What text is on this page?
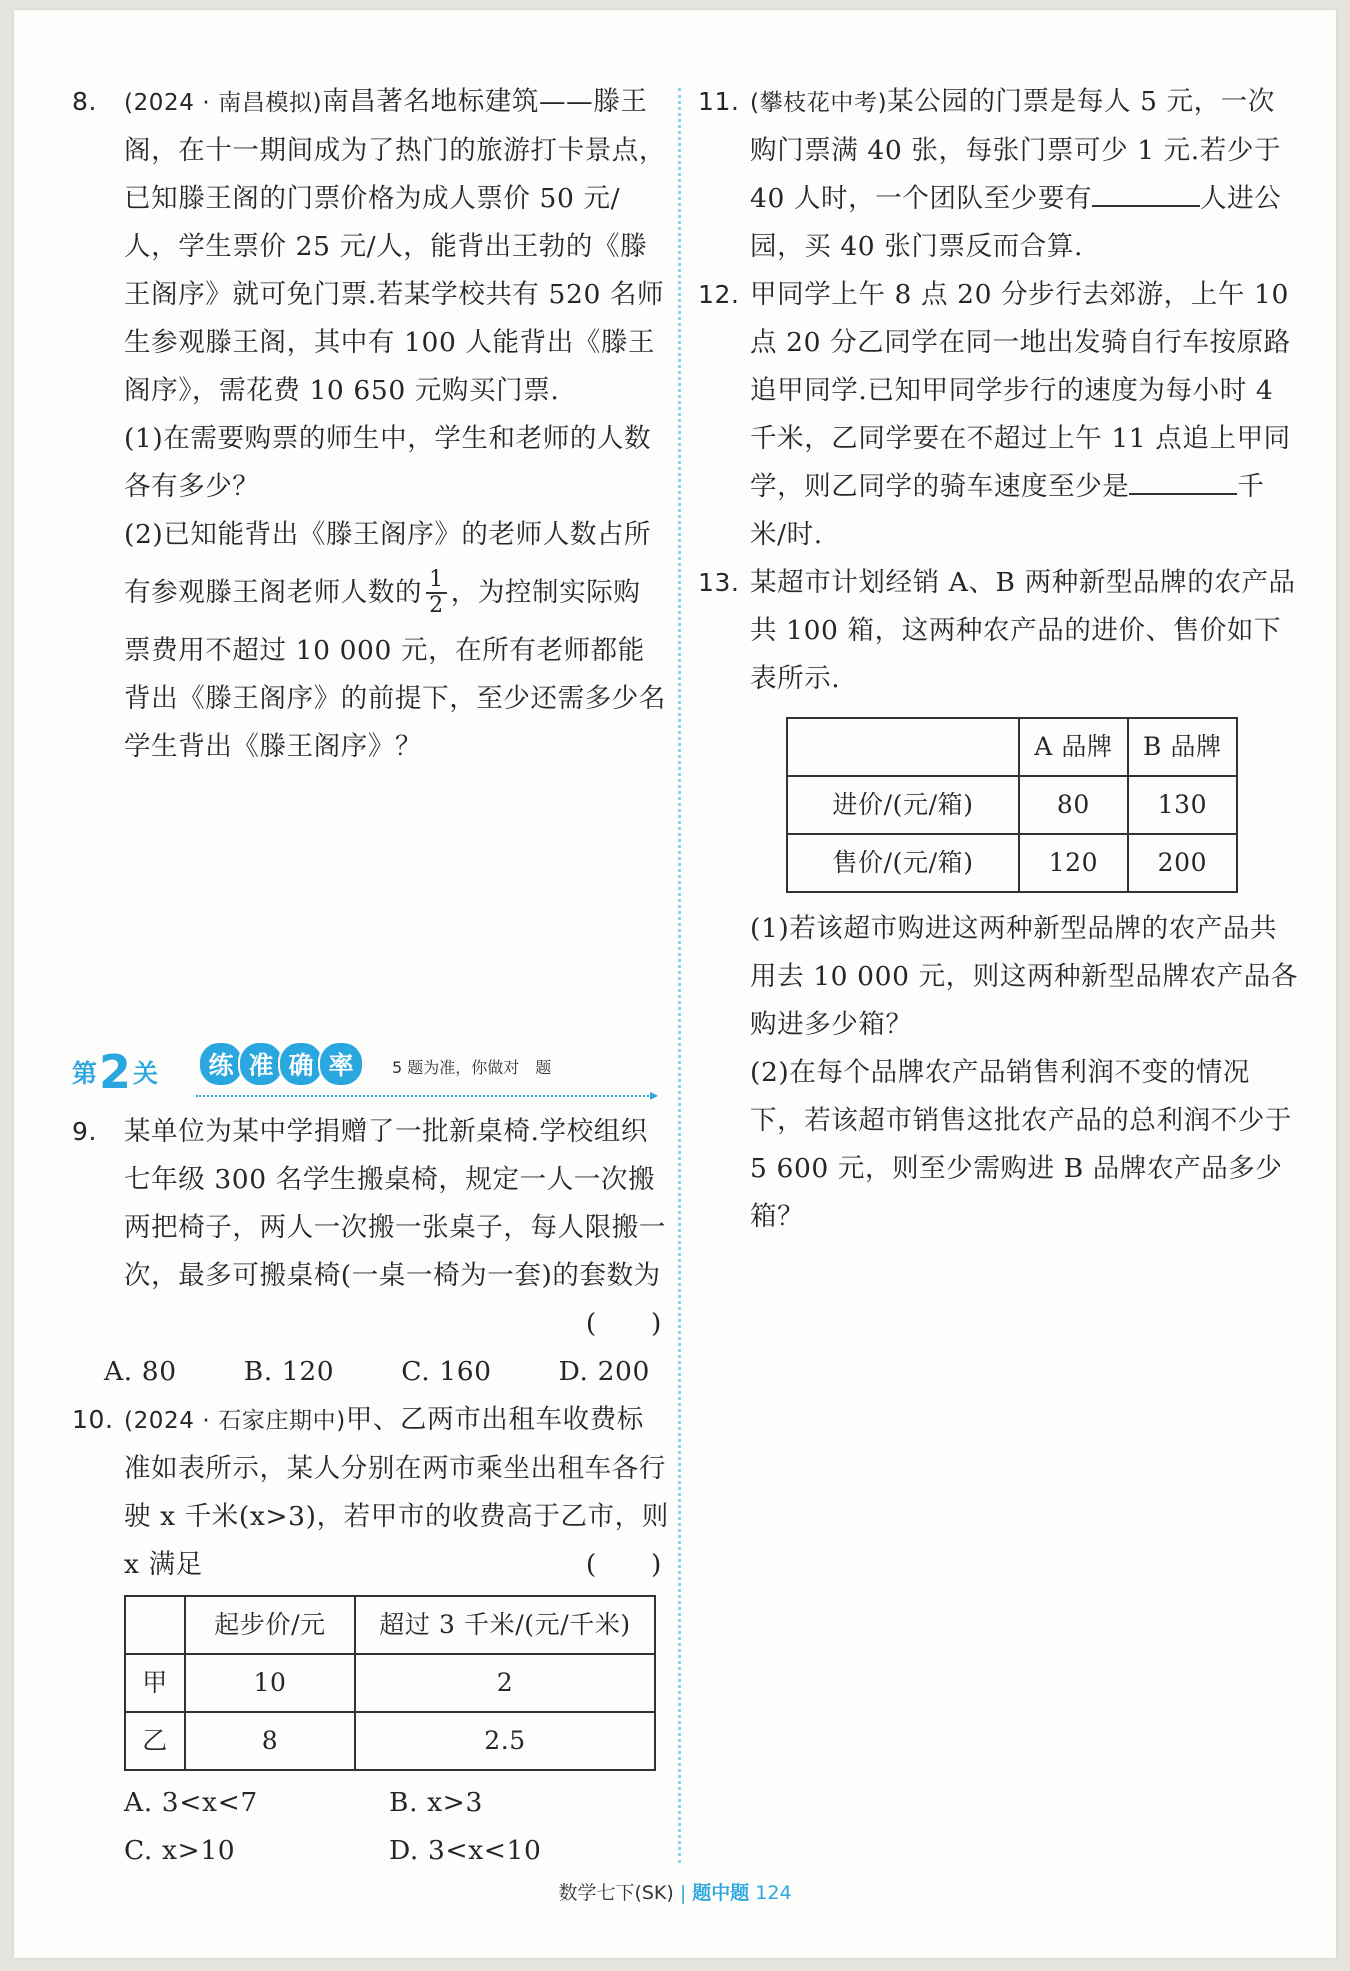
8. (2024 · 南昌模拟)南昌著名地标建筑——滕王阁，在十一期间成为了热门的旅游打卡景点，已知滕王阁的门票价格为成人票价 50 元/人，学生票价 25 元/人，能背出王勃的《滕王阁序》就可免门票.若某学校共有 520 名师生参观滕王阁，其中有 100 人能背出《滕王阁序》，需花费 10 650 元购买门票.
(1)在需要购票的师生中，学生和老师的人数各有多少？
(2)已知能背出《滕王阁序》的老师人数占所
有参观滕王阁老师人数的 $\frac{1}{2}$ ，为控制实际购
票费用不超过 10 000 元，在所有老师都能背出《滕王阁序》的前提下，至少还需多少名学生背出《滕王阁序》？
第2关	练 准 确 率	5 题为准，你做对　题
▸
9. 某单位为某中学捐赠了一批新桌椅.学校组织七年级 300 名学生搬桌椅，规定一人一次搬两把椅子，两人一次搬一张桌子，每人限搬一次，最多可搬桌椅(一桌一椅为一套)的套数为
(　　)
A. 80	B. 120	C. 160	D. 200
10. (2024 · 石家庄期中)甲、乙两市出租车收费标准如表所示，某人分别在两市乘坐出租车各行驶 x 千米(x>3)，若甲市的收费高于乙市，则 x 满足	(　　)
	起步价/元	超过 3 千米/(元/千米)
甲	10	2
乙	8	2.5
A. 3<x<7	B. x>3
C. x>10	D. 3<x<10
11. (攀枝花中考)某公园的门票是每人 5 元，一次购门票满 40 张，每张门票可少 1 元.若少于 40 人时，一个团队至少要有	人进公园，买 40 张门票反而合算.
12. 甲同学上午 8 点 20 分步行去郊游，上午 10 点 20 分乙同学在同一地出发骑自行车按原路追甲同学.已知甲同学步行的速度为每小时 4 千米，乙同学要在不超过上午 11 点追上甲同学，则乙同学的骑车速度至少是	千米/时.
13. 某超市计划经销 A、B 两种新型品牌的农产品共 100 箱，这两种农产品的进价、售价如下表所示.
	A 品牌	B 品牌
进价/(元/箱)	80	130
售价/(元/箱)	120	200
(1)若该超市购进这两种新型品牌的农产品共用去 10 000 元，则这两种新型品牌农产品各购进多少箱？
(2)在每个品牌农产品销售利润不变的情况下，若该超市销售这批农产品的总利润不少于 5 600 元，则至少需购进 B 品牌农产品多少箱？
数学七下(SK) | 题中题 124
